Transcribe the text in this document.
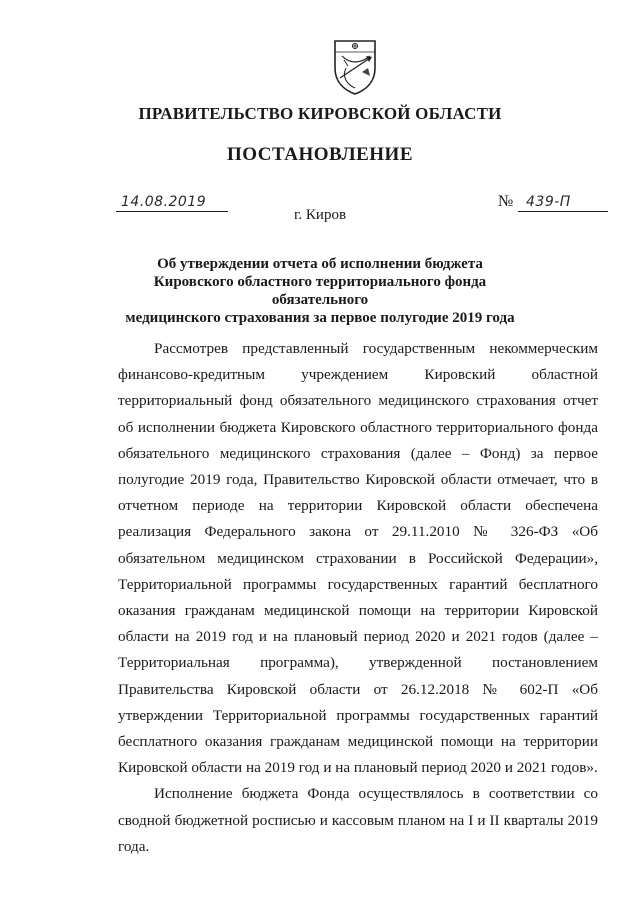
ПРАВИТЕЛЬСТВО КИРОВСКОЙ ОБЛАСТИ
ПОСТАНОВЛЕНИЕ
14.08.2019	№ 439-П
г. Киров
Об утверждении отчета об исполнении бюджета
Кировского областного территориального фонда обязательного
медицинского страхования за первое полугодие 2019 года

Рассмотрев представленный государственным некоммерческим финансово-кредитным учреждением Кировский областной территориальный фонд обязательного медицинского страхования отчет об исполнении бюджета Кировского областного территориального фонда обязательного медицинского страхования (далее – Фонд) за первое полугодие 2019 года, Правительство Кировской области отмечает, что в отчетном периоде на территории Кировской области обеспечена реализация Федерального закона от 29.11.2010 № 326-ФЗ «Об обязательном медицинском страховании в Российской Федерации», Территориальной программы государственных гарантий бесплатного оказания гражданам медицинской помощи на территории Кировской области на 2019 год и на плановый период 2020 и 2021 годов (далее – Территориальная программа), утвержденной постановлением Правительства Кировской области от 26.12.2018 № 602-П «Об утверждении Территориальной программы государственных гарантий бесплатного оказания гражданам медицинской помощи на территории Кировской области на 2019 год и на плановый период 2020 и 2021 годов».

Исполнение бюджета Фонда осуществлялось в соответствии со сводной бюджетной росписью и кассовым планом на I и II кварталы 2019 года.
